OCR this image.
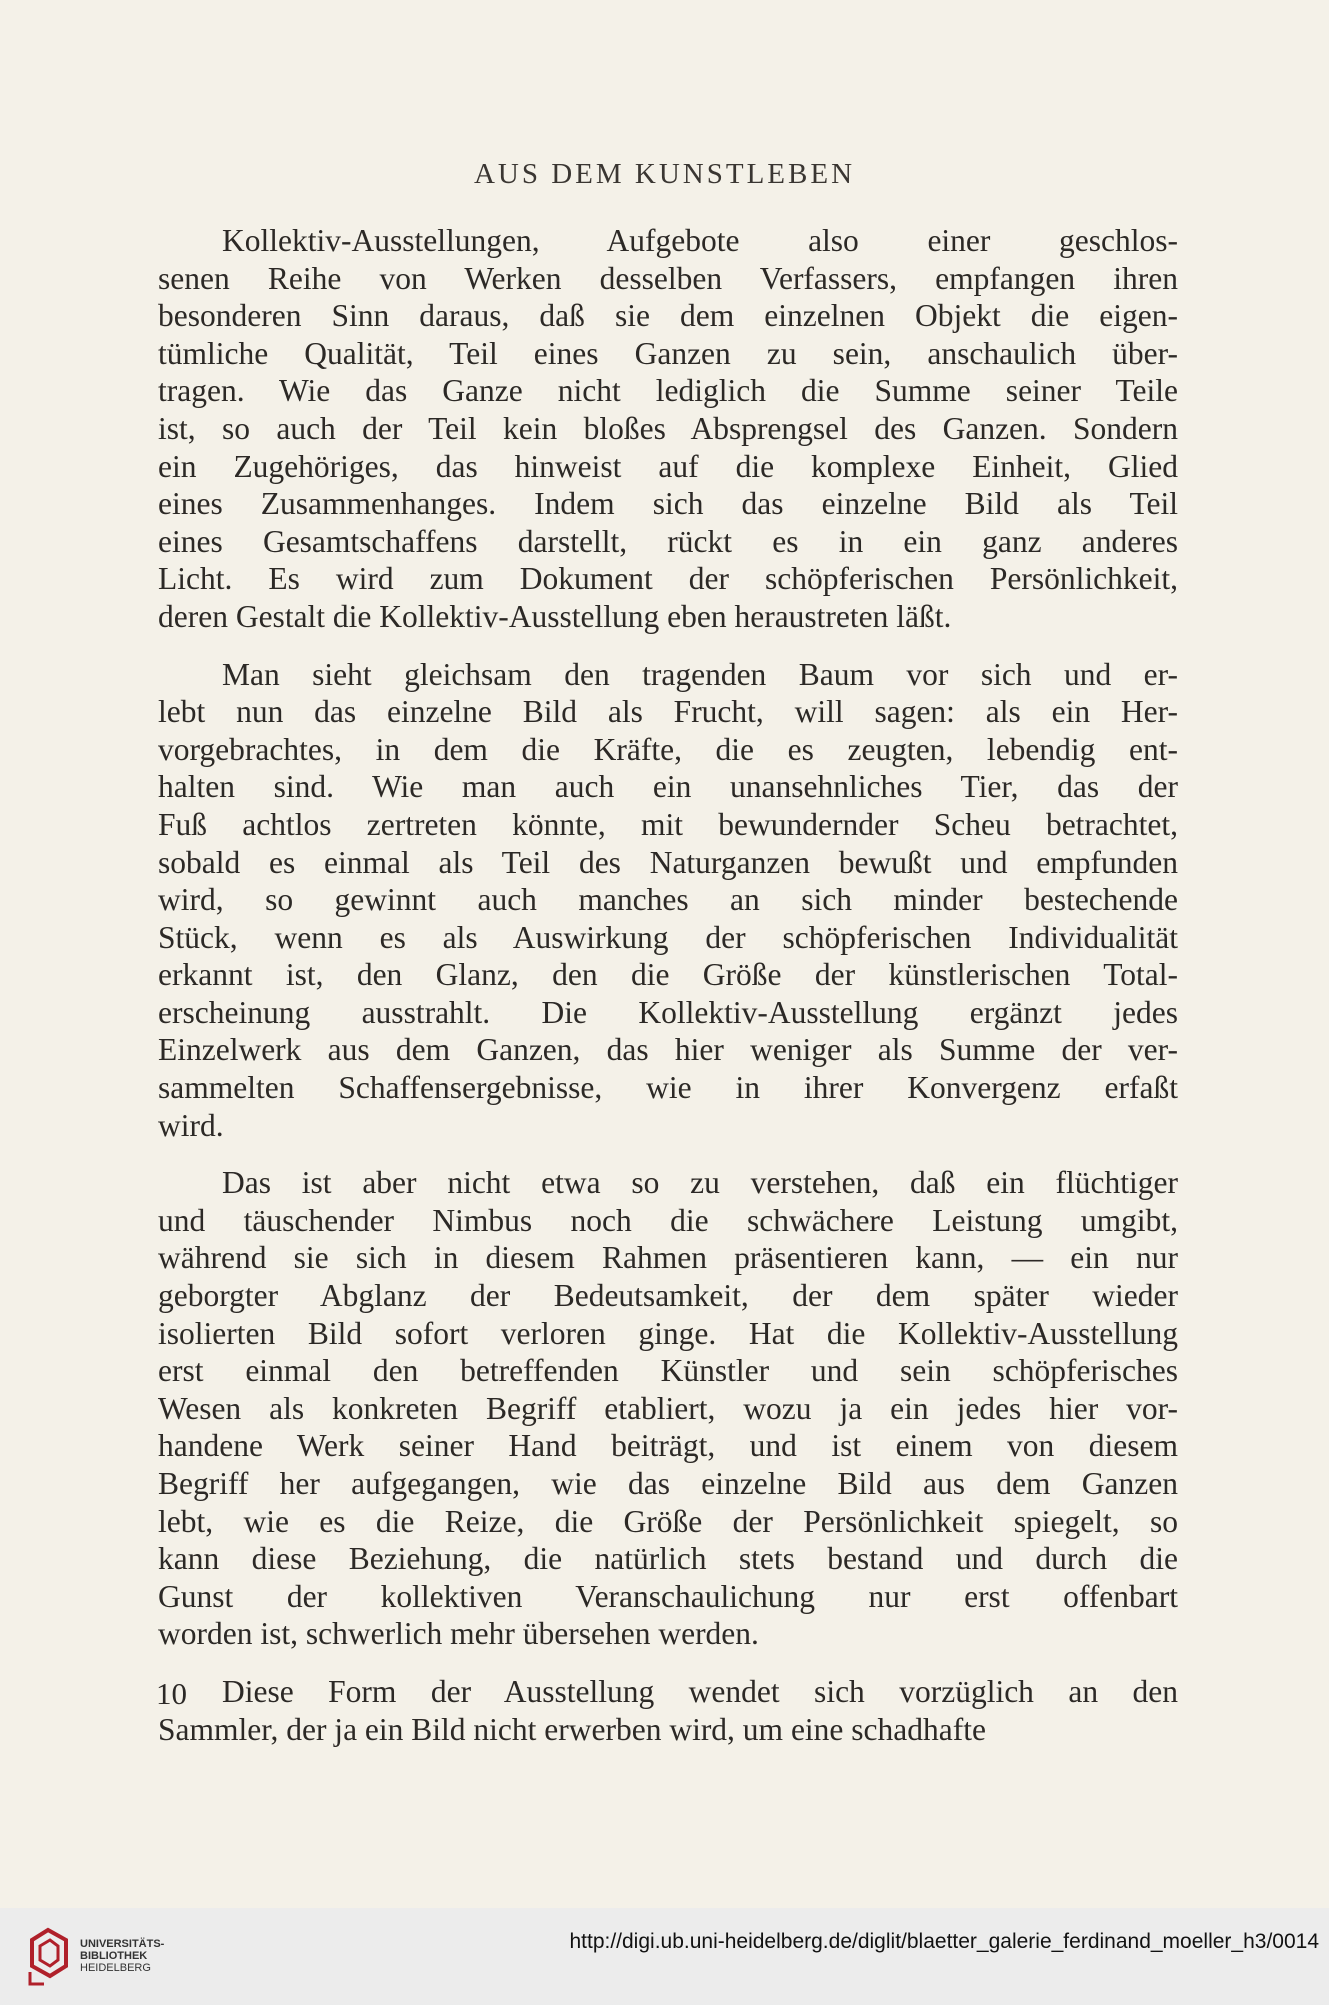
AUS DEM KUNSTLEBEN

Kollektiv-Ausstellungen, Aufgebote also einer geschlos-
senen Reihe von Werken desselben Verfassers, empfangen ihren
besonderen Sinn daraus, daß sie dem einzelnen Objekt die eigen-
tümliche Qualität, Teil eines Ganzen zu sein, anschaulich über-
tragen. Wie das Ganze nicht lediglich die Summe seiner Teile
ist, so auch der Teil kein bloßes Absprengsel des Ganzen. Sondern
ein Zugehöriges, das hinweist auf die komplexe Einheit, Glied
eines Zusammenhanges. Indem sich das einzelne Bild als Teil
eines Gesamtschaffens darstellt, rückt es in ein ganz anderes
Licht. Es wird zum Dokument der schöpferischen Persönlichkeit,
deren Gestalt die Kollektiv-Ausstellung eben heraustreten läßt.

Man sieht gleichsam den tragenden Baum vor sich und er-
lebt nun das einzelne Bild als Frucht, will sagen: als ein Her-
vorgebrachtes, in dem die Kräfte, die es zeugten, lebendig ent-
halten sind. Wie man auch ein unansehnliches Tier, das der
Fuß achtlos zertreten könnte, mit bewundernder Scheu betrachtet,
sobald es einmal als Teil des Naturganzen bewußt und empfunden
wird, so gewinnt auch manches an sich minder bestechende
Stück, wenn es als Auswirkung der schöpferischen Individualität
erkannt ist, den Glanz, den die Größe der künstlerischen Total-
erscheinung ausstrahlt. Die Kollektiv-Ausstellung ergänzt jedes
Einzelwerk aus dem Ganzen, das hier weniger als Summe der ver-
sammelten Schaffensergebnisse, wie in ihrer Konvergenz erfaßt
wird.

Das ist aber nicht etwa so zu verstehen, daß ein flüchtiger
und täuschender Nimbus noch die schwächere Leistung umgibt,
während sie sich in diesem Rahmen präsentieren kann, — ein nur
geborgter Abglanz der Bedeutsamkeit, der dem später wieder
isolierten Bild sofort verloren ginge. Hat die Kollektiv-Ausstellung
erst einmal den betreffenden Künstler und sein schöpferisches
Wesen als konkreten Begriff etabliert, wozu ja ein jedes hier vor-
handene Werk seiner Hand beiträgt, und ist einem von diesem
Begriff her aufgegangen, wie das einzelne Bild aus dem Ganzen
lebt, wie es die Reize, die Größe der Persönlichkeit spiegelt, so
kann diese Beziehung, die natürlich stets bestand und durch die
Gunst der kollektiven Veranschaulichung nur erst offenbart
worden ist, schwerlich mehr übersehen werden.

Diese Form der Ausstellung wendet sich vorzüglich an den
Sammler, der ja ein Bild nicht erwerben wird, um eine schadhafte

10
UNIVERSITÄTS-
BIBLIOTHEK
HEIDELBERG
http://digi.ub.uni-heidelberg.de/diglit/blaetter_galerie_ferdinand_moeller_h3/0014
